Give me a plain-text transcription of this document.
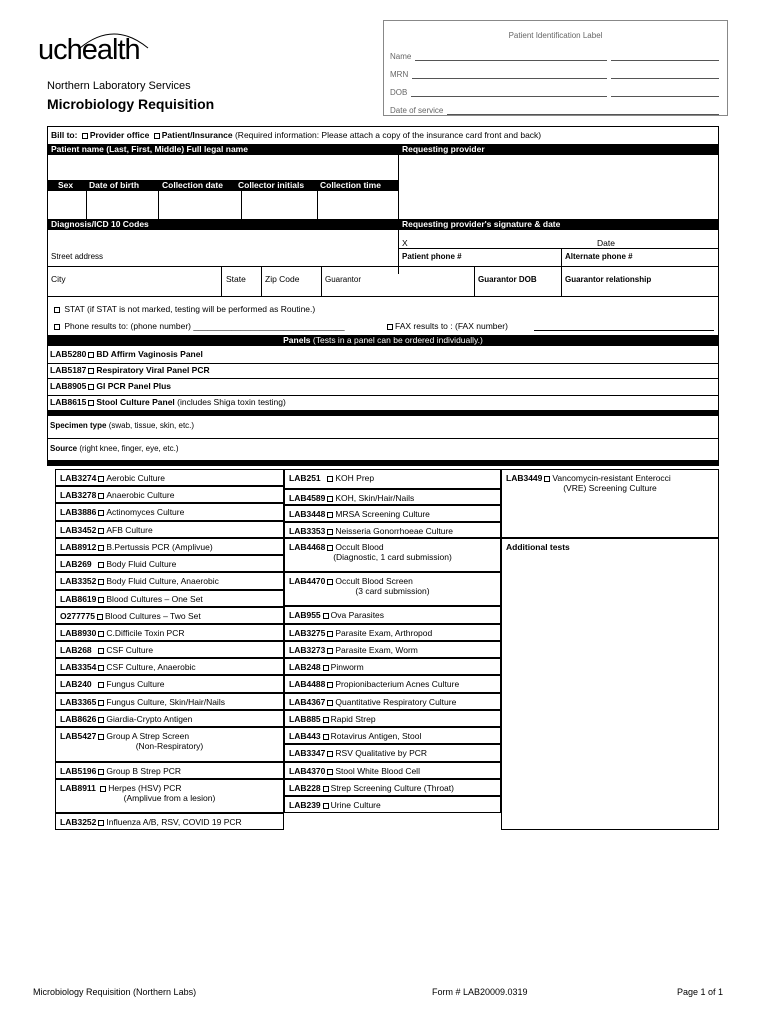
uchealth
Northern Laboratory Services
Microbiology Requisition
Patient Identification Label
Name
MRN
DOB
Date of service
Bill to: Provider office Patient/Insurance (Required information: Please attach a copy of the insurance card front and back)
Patient name (Last, First, Middle) Full legal name	Requesting provider
Sex Date of birth	Collection date Collector initials Collection time
Diagnosis/ICD 10 Codes	Requesting provider's signature & date
X	Date
Street address	Patient phone #	Alternate phone #
City	State Zip Code	Guarantor	Guarantor DOB	Guarantor relationship
STAT (if STAT is not marked, testing will be performed as Routine.)
Phone results to: (phone number) ________________________________	FAX results to : (FAX number)
Panels (Tests in a panel can be ordered individually.)
LAB5280 BD Affirm Vaginosis Panel
LAB5187 Respiratory Viral Panel PCR
LAB8905 GI PCR Panel Plus
LAB8615 Stool Culture Panel (includes Shiga toxin testing)
Specimen type (swab, tissue, skin, etc.)
Source (right knee, finger, eye, etc.)
LAB3274 Aerobic Culture
LAB3278 Anaerobic Culture
LAB3886 Actinomyces Culture
LAB3452 AFB Culture
LAB8912 B.Pertussis PCR (Amplivue)
LAB269 Body Fluid Culture
LAB3352 Body Fluid Culture, Anaerobic
LAB8619 Blood Cultures – One Set
O277775 Blood Cultures – Two Set
LAB8930 C.Difficile Toxin PCR
LAB268 CSF Culture
LAB3354 CSF Culture, Anaerobic
LAB240 Fungus Culture
LAB3365 Fungus Culture, Skin/Hair/Nails
LAB8626 Giardia-Crypto Antigen
LAB5427 Group A Strep Screen
(Non-Respiratory)
LAB5196 Group B Strep PCR
LAB8911 Herpes (HSV) PCR
(Amplivue from a lesion)
LAB3252 Influenza A/B, RSV, COVID 19 PCR
LAB251 KOH Prep
LAB4589 KOH, Skin/Hair/Nails
LAB3448 MRSA Screening Culture
LAB3353 Neisseria Gonorrhoeae Culture
LAB4468 Occult Blood
(Diagnostic, 1 card submission)
LAB4470 Occult Blood Screen
(3 card submission)
LAB955 Ova Parasites
LAB3275 Parasite Exam, Arthropod
LAB3273 Parasite Exam, Worm
LAB248 Pinworm
LAB4488 Propionibacterium Acnes Culture
LAB4367 Quantitative Respiratory Culture
LAB885 Rapid Strep
LAB443 Rotavirus Antigen, Stool
LAB3347 RSV Qualitative by PCR
LAB4370 Stool White Blood Cell
LAB228 Strep Screening Culture (Throat)
LAB239 Urine Culture
LAB3449 Vancomycin-resistant Enterocci
(VRE) Screening Culture
Additional tests
Microbiology Requisition (Northern Labs)	Form # LAB20009.0319	Page 1 of 1
